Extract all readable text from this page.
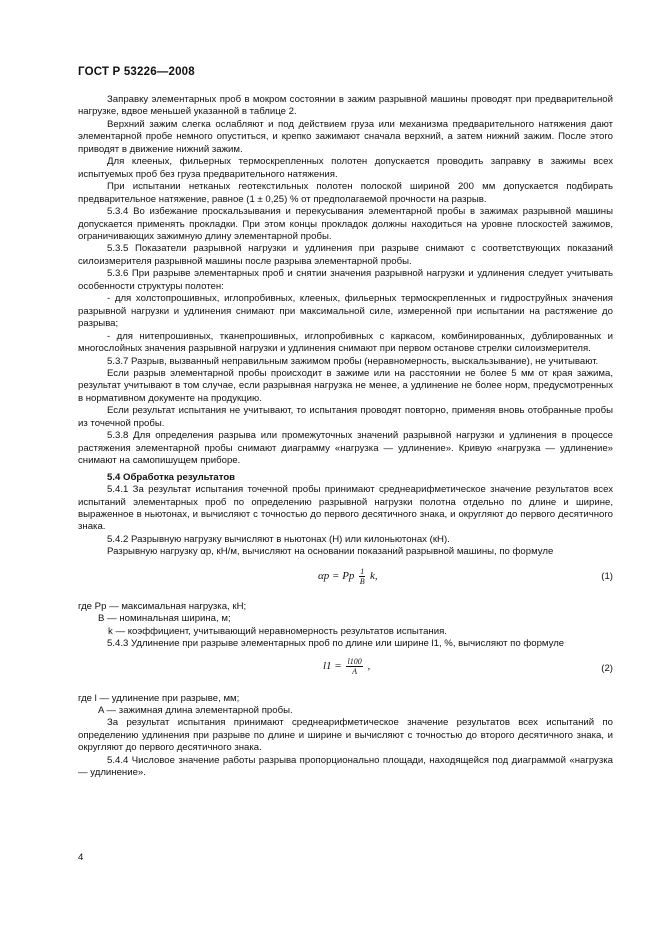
ГОСТ Р 53226—2008

Заправку элементарных проб в мокром состоянии в зажим разрывной машины проводят при предварительной нагрузке, вдвое меньшей указанной в таблице 2.

Верхний зажим слегка ослабляют и под действием груза или механизма предварительного натяжения дают элементарной пробе немного опуститься, и крепко зажимают сначала верхний, а затем нижний зажим. После этого приводят в движение нижний зажим.

Для клееных, фильерных термоскрепленных полотен допускается проводить заправку в зажимы всех испытуемых проб без груза предварительного натяжения.

При испытании нетканых геотекстильных полотен полоской шириной 200 мм допускается подбирать предварительное натяжение, равное (1 ± 0,25) % от предполагаемой прочности на разрыв.

5.3.4 Во избежание проскальзывания и перекусывания элементарной пробы в зажимах разрывной машины допускается применять прокладки. При этом концы прокладок должны находиться на уровне плоскостей зажимов, ограничивающих зажимную длину элементарной пробы.

5.3.5 Показатели разрывной нагрузки и удлинения при разрыве снимают с соответствующих показаний силоизмерителя разрывной машины после разрыва элементарной пробы.

5.3.6 При разрыве элементарных проб и снятии значения разрывной нагрузки и удлинения следует учитывать особенности структуры полотен:

- для холстопрошивных, иглопробивных, клееных, фильерных термоскрепленных и гидроструйных значения разрывной нагрузки и удлинения снимают при максимальной силе, измеренной при испытании на растяжение до разрыва;

- для нитепрошивных, тканепрошивных, иглопробивных с каркасом, комбинированных, дублированных и многослойных значения разрывной нагрузки и удлинения снимают при первом останове стрелки силоизмерителя.

5.3.7 Разрыв, вызванный неправильным зажимом пробы (неравномерность, выскальзывание), не учитывают.

Если разрыв элементарной пробы происходит в зажиме или на расстоянии не более 5 мм от края зажима, результат учитывают в том случае, если разрывная нагрузка не менее, а удлинение не более норм, предусмотренных в нормативном документе на продукцию.

Если результат испытания не учитывают, то испытания проводят повторно, применяя вновь отобранные пробы из точечной пробы.

5.3.8 Для определения разрыва или промежуточных значений разрывной нагрузки и удлинения в процессе растяжения элементарной пробы снимают диаграмму «нагрузка — удлинение». Кривую «нагрузка — удлинение» снимают на самопишущем приборе.

5.4 Обработка результатов

5.4.1 За результат испытания точечной пробы принимают среднеарифметическое значение результатов всех испытаний элементарных проб по определению разрывной нагрузки полотна отдельно по длине и ширине, выраженное в ньютонах, и вычисляют с точностью до первого десятичного знака, и округляют до первого десятичного знака.

5.4.2 Разрывную нагрузку вычисляют в ньютонах (Н) или килоньютонах (кН).

Разрывную нагрузку αр, кН/м, вычисляют на основании показаний разрывной машины, по формуле

αp = Pp $\frac{1}{B} k$,	(1)

где Pр — максимальная нагрузка, кН;

B — номинальная ширина, м;

k — коэффициент, учитывающий неравномерность результатов испытания.

5.4.3 Удлинение при разрыве элементарных проб по длине или ширине l1, %, вычисляют по формуле

$l1 = \frac{l100}{A}$ ,	(2)

где l — удлинение при разрыве, мм;

A — зажимная длина элементарной пробы.

За результат испытания принимают среднеарифметическое значение результатов всех испытаний по определению удлинения при разрыве по длине и ширине и вычисляют с точностью до второго десятичного знака, и округляют до первого десятичного знака.

5.4.4 Числовое значение работы разрыва пропорционально площади, находящейся под диаграммой «нагрузка — удлинение».

4
